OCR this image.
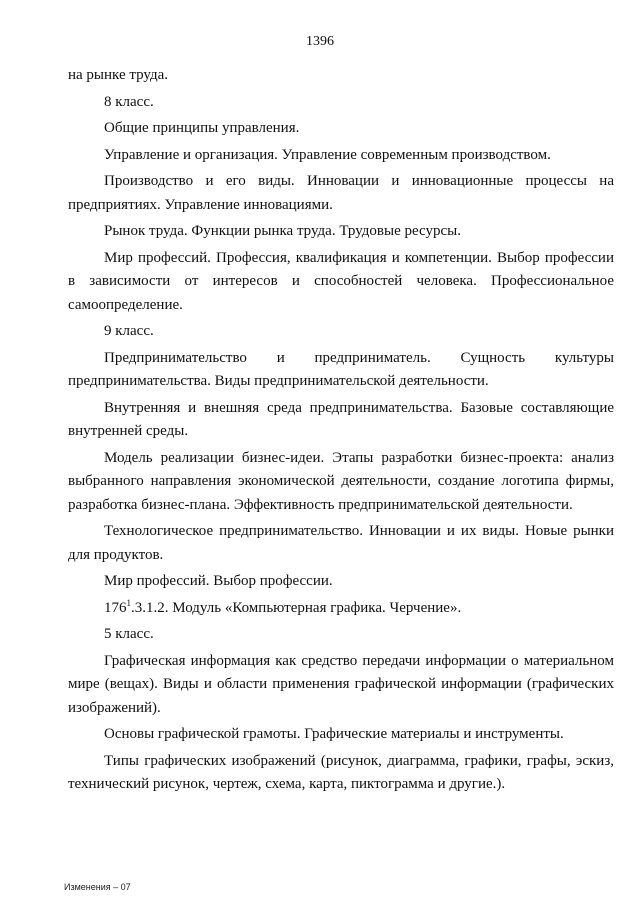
1396

на рынке труда.

8 класс.

Общие принципы управления.

Управление и организация. Управление современным производством.

Производство и его виды. Инновации и инновационные процессы на предприятиях. Управление инновациями.

Рынок труда. Функции рынка труда. Трудовые ресурсы.

Мир профессий. Профессия, квалификация и компетенции. Выбор профессии в зависимости от интересов и способностей человека. Профессиональное самоопределение.

9 класс.

Предпринимательство и предприниматель. Сущность культуры предпринимательства. Виды предпринимательской деятельности.

Внутренняя и внешняя среда предпринимательства. Базовые составляющие внутренней среды.

Модель реализации бизнес-идеи. Этапы разработки бизнес-проекта: анализ выбранного направления экономической деятельности, создание логотипа фирмы, разработка бизнес-плана. Эффективность предпринимательской деятельности.

Технологическое предпринимательство. Инновации и их виды. Новые рынки для продуктов.

Мир профессий. Выбор профессии.

$176^1.3.1.2$. Модуль «Компьютерная графика. Черчение».

5 класс.

Графическая информация как средство передачи информации о материальном мире (вещах). Виды и области применения графической информации (графических изображений).

Основы графической грамоты. Графические материалы и инструменты.

Типы графических изображений (рисунок, диаграмма, графики, графы, эскиз, технический рисунок, чертеж, схема, карта, пиктограмма и другие.).

Изменения – 07
